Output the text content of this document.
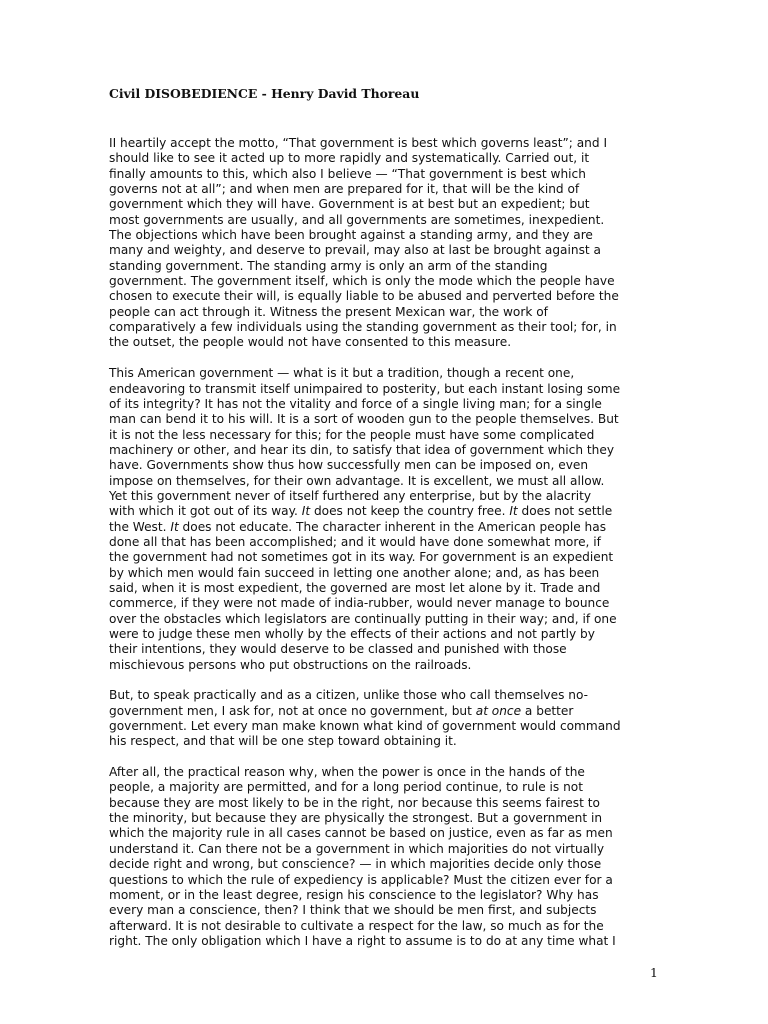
Civil DISOBEDIENCE - Henry David Thoreau

II heartily accept the motto, “That government is best which governs least”; and I
should like to see it acted up to more rapidly and systematically. Carried out, it
finally amounts to this, which also I believe — “That government is best which
governs not at all”; and when men are prepared for it, that will be the kind of
government which they will have. Government is at best but an expedient; but
most governments are usually, and all governments are sometimes, inexpedient.
The objections which have been brought against a standing army, and they are
many and weighty, and deserve to prevail, may also at last be brought against a
standing government. The standing army is only an arm of the standing
government. The government itself, which is only the mode which the people have
chosen to execute their will, is equally liable to be abused and perverted before the
people can act through it. Witness the present Mexican war, the work of
comparatively a few individuals using the standing government as their tool; for, in
the outset, the people would not have consented to this measure.

This American government — what is it but a tradition, though a recent one,
endeavoring to transmit itself unimpaired to posterity, but each instant losing some
of its integrity? It has not the vitality and force of a single living man; for a single
man can bend it to his will. It is a sort of wooden gun to the people themselves. But
it is not the less necessary for this; for the people must have some complicated
machinery or other, and hear its din, to satisfy that idea of government which they
have. Governments show thus how successfully men can be imposed on, even
impose on themselves, for their own advantage. It is excellent, we must all allow.
Yet this government never of itself furthered any enterprise, but by the alacrity
with which it got out of its way. It does not keep the country free. It does not settle
the West. It does not educate. The character inherent in the American people has
done all that has been accomplished; and it would have done somewhat more, if
the government had not sometimes got in its way. For government is an expedient
by which men would fain succeed in letting one another alone; and, as has been
said, when it is most expedient, the governed are most let alone by it. Trade and
commerce, if they were not made of india-rubber, would never manage to bounce
over the obstacles which legislators are continually putting in their way; and, if one
were to judge these men wholly by the effects of their actions and not partly by
their intentions, they would deserve to be classed and punished with those
mischievous persons who put obstructions on the railroads.

But, to speak practically and as a citizen, unlike those who call themselves no-
government men, I ask for, not at once no government, but at once a better
government. Let every man make known what kind of government would command
his respect, and that will be one step toward obtaining it.

After all, the practical reason why, when the power is once in the hands of the
people, a majority are permitted, and for a long period continue, to rule is not
because they are most likely to be in the right, nor because this seems fairest to
the minority, but because they are physically the strongest. But a government in
which the majority rule in all cases cannot be based on justice, even as far as men
understand it. Can there not be a government in which majorities do not virtually
decide right and wrong, but conscience? — in which majorities decide only those
questions to which the rule of expediency is applicable? Must the citizen ever for a
moment, or in the least degree, resign his conscience to the legislator? Why has
every man a conscience, then? I think that we should be men first, and subjects
afterward. It is not desirable to cultivate a respect for the law, so much as for the
right. The only obligation which I have a right to assume is to do at any time what I

1
